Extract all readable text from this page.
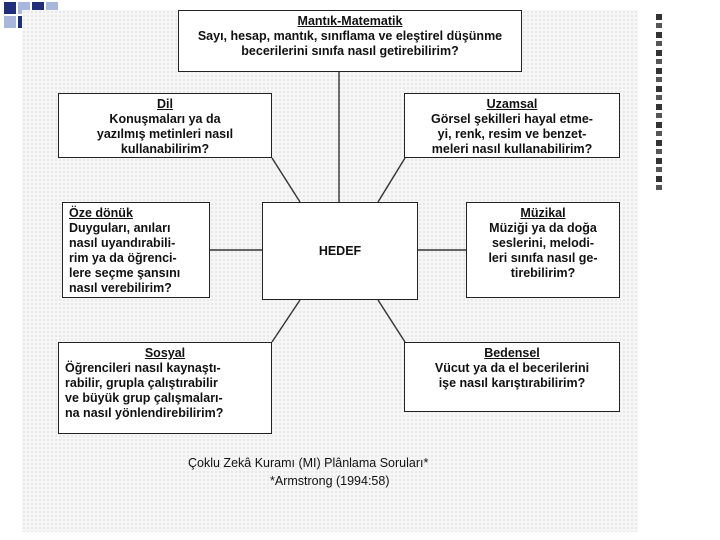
Mantık-Matematik
Sayı, hesap, mantık, sınıflama ve eleştirel düşünme becerilerini sınıfa nasıl getirebilirim?
Dil
Konuşmaları ya da
yazılmış metinleri nasıl
kullanabilirim?
Uzamsal
Görsel şekilleri hayal etme-
yi, renk, resim ve benzet-
meleri nasıl kullanabilirim?
HEDEF
Öze dönük
Duyguları, anıları
nasıl uyandırabili-
rim ya da öğrenci-
lere seçme şansını
nasıl verebilirim?
Müzikal
Müziği ya da doğa
seslerini, melodi-
leri sınıfa nasıl ge-
tirebilirim?
Sosyal
Öğrencileri nasıl kaynaştı-
rabilir, grupla çalıştırabilir
ve büyük grup çalışmaları-
na nasıl yönlendirebilirim?
Bedensel
Vücut ya da el becerilerini
işe nasıl karıştırabilirim?
Çoklu Zekâ Kuramı (MI) Plânlama Soruları*
*Armstrong (1994:58)
